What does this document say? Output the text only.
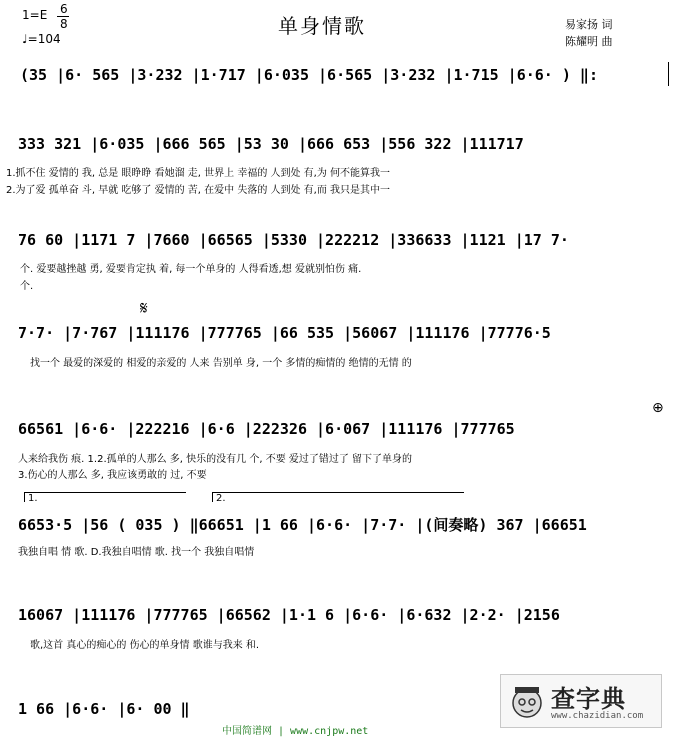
1=E 6
8
♩=104
单身情歌	易家扬 词
陈耀明 曲
(35 |6· 565 |3·232 |1·717 |6·035 |6·565 |3·232 |1·715 |6·6· ) ‖:
333 321 |6·035 |666 565 |53 30 |666 653 |556 322 |111717
1.抓不住 爱情的 我, 总是 眼睁睁 看她溜 走, 世界上 幸福的 人到处 有,为 何不能算我一
2.为了爱 孤单奋 斗, 早就 吃够了 爱情的 苦, 在爱中 失落的 人到处 有,而 我只是其中一
76 60 |1171 7 |7660 |66565 |5330 |222212 |336633 |1121 |17 7·
个. 爱要越挫越 勇, 爱要肯定执 着, 每一个单身的 人得看透,想 爱就别怕伤 痛.
个.
𝄋
7·7· |7·767 |111176 |777765 |66 535 |56067 |111176 |77776·5
找一个 最爱的深爱的 相爱的亲爱的 人来 告别单 身, 一个 多情的痴情的 绝情的无情 的
⊕
66561 |6·6· |222216 |6·6 |222326 |6·067 |111176 |777765
人来给我伤 痕. 1.2.孤单的人那么 多, 快乐的没有几 个, 不要 爱过了错过了 留下了单身的
3.伤心的人那么 多, 我应该勇敢的 过, 不要
1.	2.
6653·5 |56 ( 035 ) ‖66651 |1 66 |6·6· |7·7· |(间奏略) 367 |66651
我独自唱 情 歌. D.我独自唱情 歌. 找一个 我独自唱情
16067 |111176 |777765 |66562 |1·1 6 |6·6· |6·632 |2·2· |2156
歌,这首 真心的痴心的 伤心的单身情 歌谁与我来 和.
1 66 |6·6· |6· 00 ‖
中国简谱网 | www.cnjpw.net
查字典
www.chazidian.com
